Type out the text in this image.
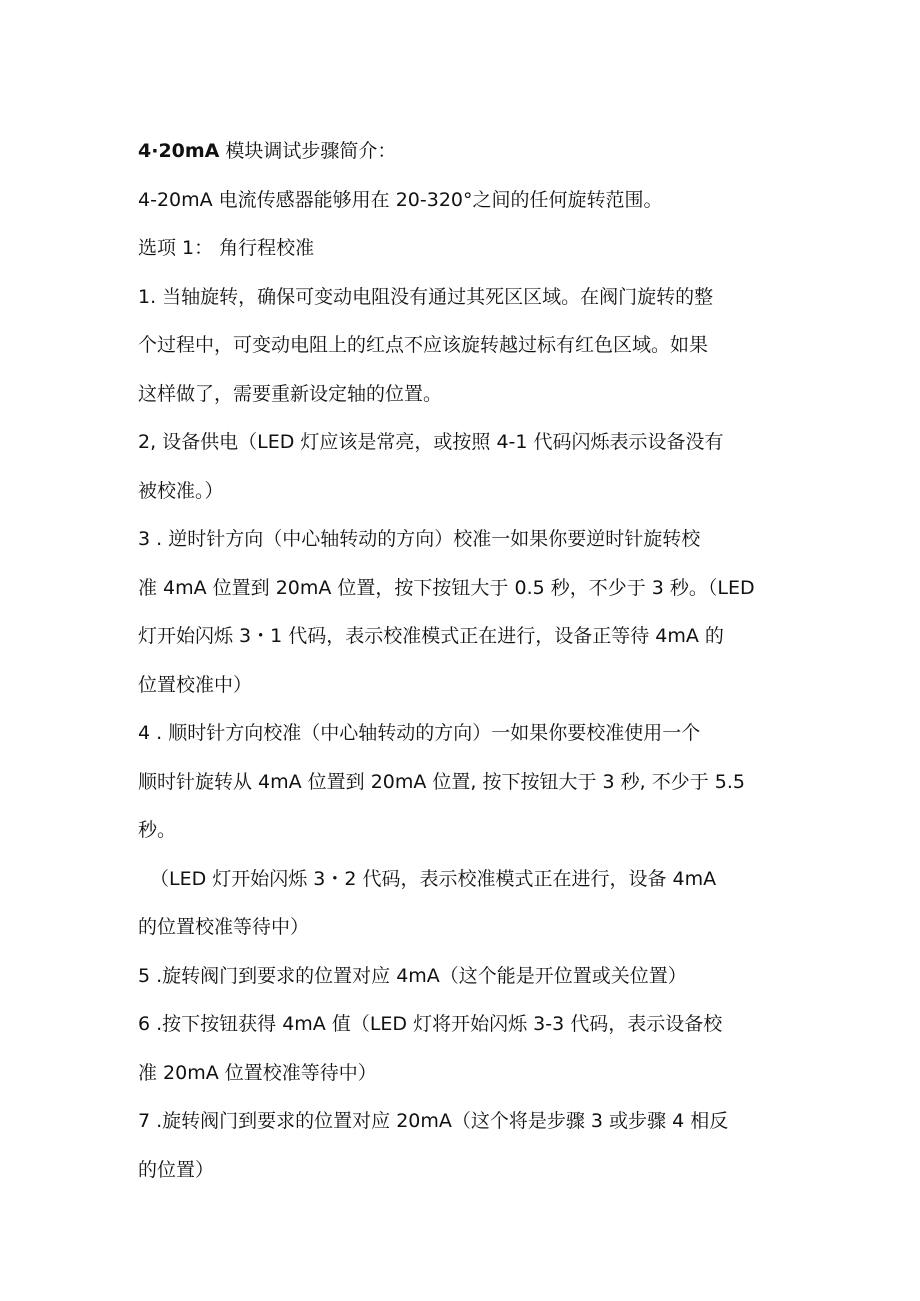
4·20mA 模块调试步骤简介：
4-20mA 电流传感器能够用在 20-320°之间的任何旋转范围。
选项 1： 角行程校准
1. 当轴旋转，确保可变动电阻没有通过其死区区域。在阀门旋转的整
个过程中，可变动电阻上的红点不应该旋转越过标有红色区域。如果
这样做了，需要重新设定轴的位置。
2, 设备供电（LED 灯应该是常亮，或按照 4-1 代码闪烁表示设备没有
被校准。）
3 . 逆时针方向（中心轴转动的方向）校准一如果你要逆时针旋转校
准 4mA 位置到 20mA 位置，按下按钮大于 0.5 秒，不少于 3 秒。（LED
灯开始闪烁 3・1 代码，表示校准模式正在进行，设备正等待 4mA 的
位置校准中）
4 . 顺时针方向校准（中心轴转动的方向）一如果你要校准使用一个
顺时针旋转从 4mA 位置到 20mA 位置, 按下按钮大于 3 秒, 不少于 5.5
秒。
（LED 灯开始闪烁 3・2 代码，表示校准模式正在进行，设备 4mA
的位置校准等待中）
5 .旋转阀门到要求的位置对应 4mA（这个能是开位置或关位置）
6 .按下按钮获得 4mA 值（LED 灯将开始闪烁 3-3 代码，表示设备校
准 20mA 位置校准等待中）
7 .旋转阀门到要求的位置对应 20mA（这个将是步骤 3 或步骤 4 相反
的位置）
